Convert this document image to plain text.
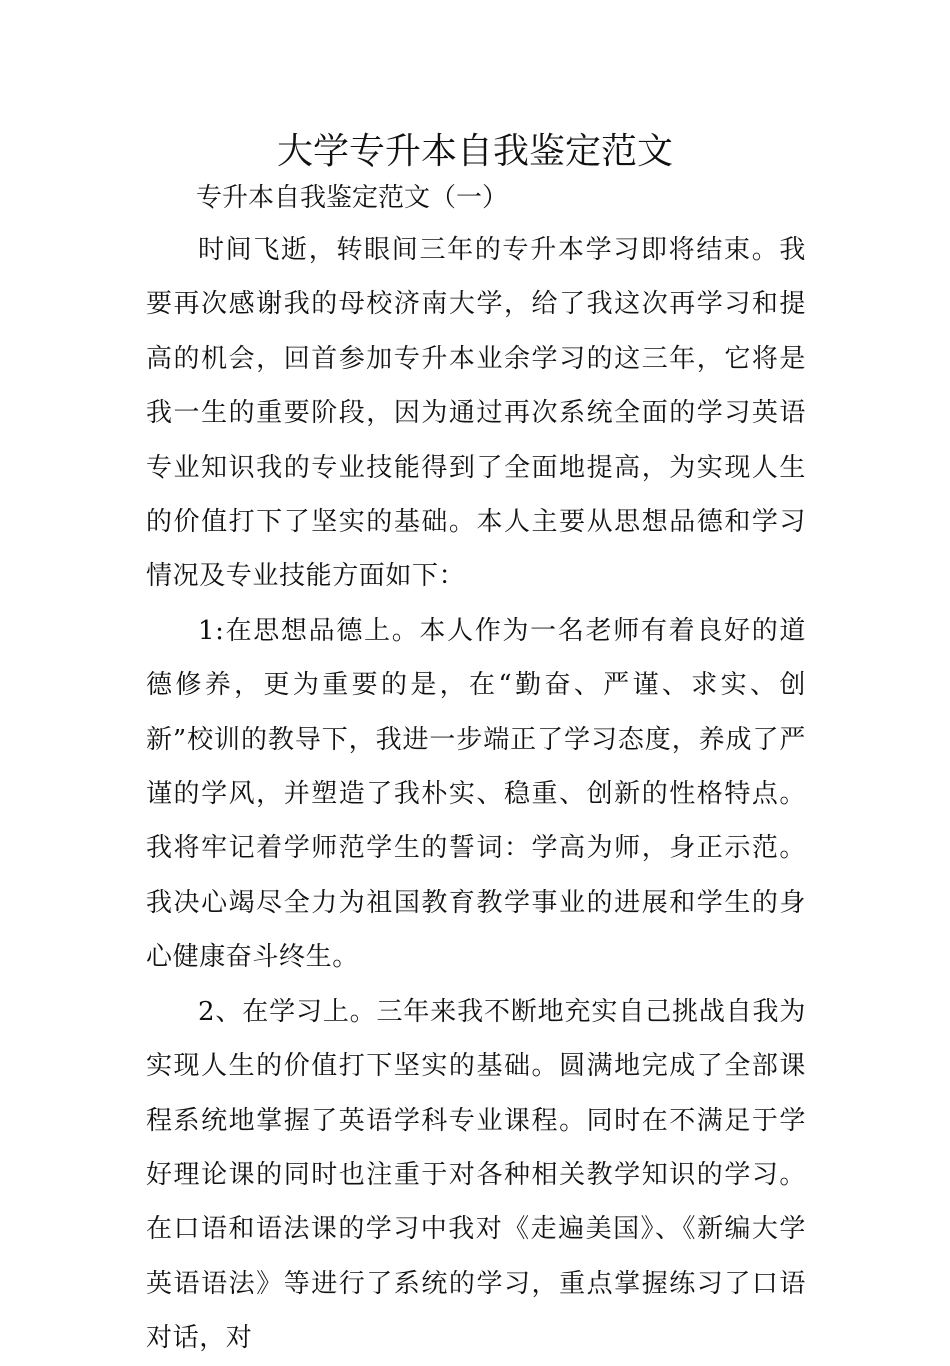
大学专升本自我鉴定范文

专升本自我鉴定范文（一）

时间飞逝，转眼间三年的专升本学习即将结束。我要再次感谢我的母校济南大学，给了我这次再学习和提高的机会，回首参加专升本业余学习的这三年，它将是我一生的重要阶段，因为通过再次系统全面的学习英语专业知识我的专业技能得到了全面地提高，为实现人生的价值打下了坚实的基础。本人主要从思想品德和学习情况及专业技能方面如下：

1:在思想品德上。本人作为一名老师有着良好的道德修养，更为重要的是，在“勤奋、严谨、求实、创新”校训的教导下，我进一步端正了学习态度，养成了严谨的学风，并塑造了我朴实、稳重、创新的性格特点。我将牢记着学师范学生的誓词：学高为师，身正示范。我决心竭尽全力为祖国教育教学事业的进展和学生的身心健康奋斗终生。

2、在学习上。三年来我不断地充实自己挑战自我为实现人生的价值打下坚实的基础。圆满地完成了全部课程系统地掌握了英语学科专业课程。同时在不满足于学好理论课的同时也注重于对各种相关教学知识的学习。在口语和语法课的学习中我对《走遍美国》、《新编大学英语语法》等进行了系统的学习，重点掌握练习了口语对话，对
